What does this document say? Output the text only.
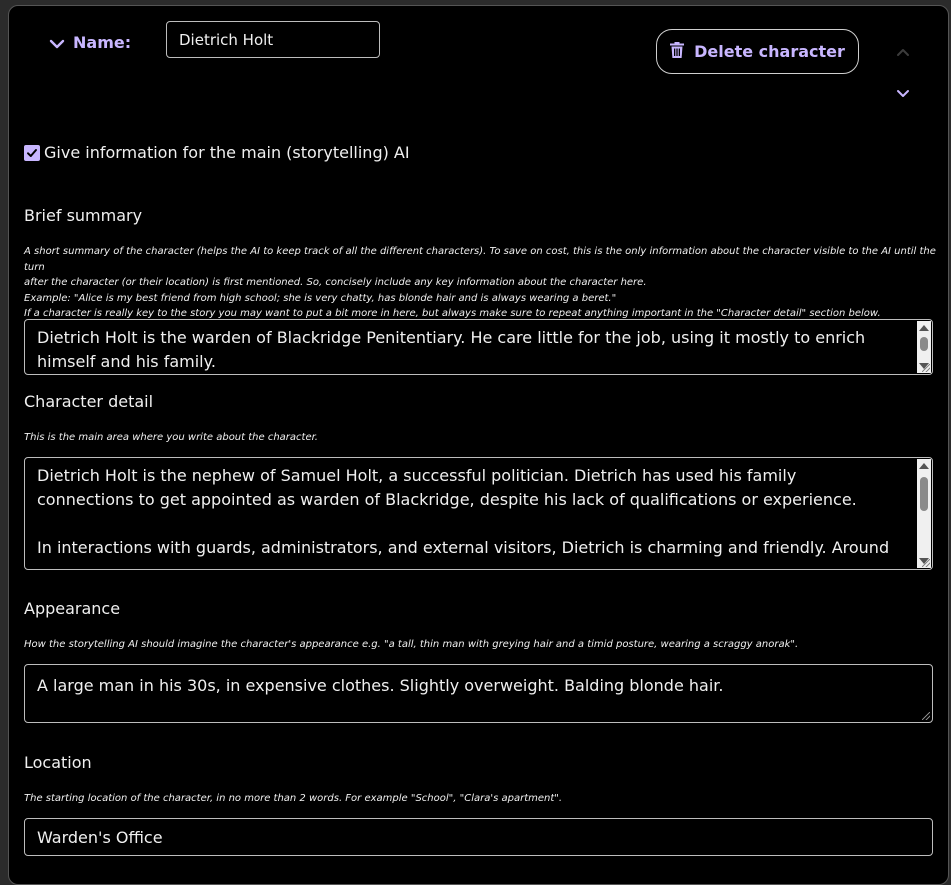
Name:
Dietrich Holt	Delete character
Give information for the main (storytelling) AI
Brief summary
A short summary of the character (helps the AI to keep track of all the different characters). To save on cost, this is the only information about the character visible to the AI until the turn
after the character (or their location) is first mentioned. So, concisely include any key information about the character here.
Example: "Alice is my best friend from high school; she is very chatty, has blonde hair and is always wearing a beret."
If a character is really key to the story you may want to put a bit more in here, but always make sure to repeat anything important in the "Character detail" section below.
Dietrich Holt is the warden of Blackridge Penitentiary. He care little for the job, using it mostly to enrich himself and his family.
Character detail
This is the main area where you write about the character.
Dietrich Holt is the nephew of Samuel Holt, a successful politician. Dietrich has used his family connections to get appointed as warden of Blackridge, despite his lack of qualifications or experience.

In interactions with guards, administrators, and external visitors, Dietrich is charming and friendly. Around
Appearance
How the storytelling AI should imagine the character's appearance e.g. "a tall, thin man with greying hair and a timid posture, wearing a scraggy anorak".
A large man in his 30s, in expensive clothes. Slightly overweight. Balding blonde hair.
Location
The starting location of the character, in no more than 2 words. For example "School", "Clara's apartment".
Warden's Office
